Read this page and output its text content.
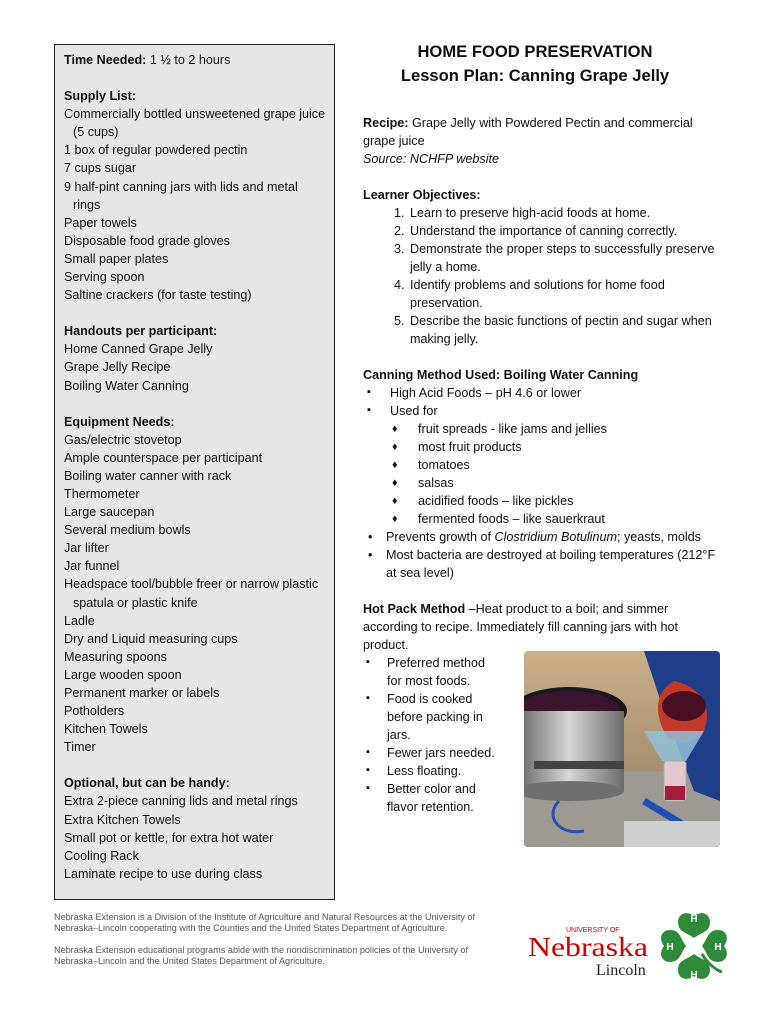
Time Needed: 1 ½ to 2 hours
Supply List:
Commercially bottled unsweetened grape juice (5 cups)
1 box of regular powdered pectin
7 cups sugar
9 half-pint canning jars with lids and metal rings
Paper towels
Disposable food grade gloves
Small paper plates
Serving spoon
Saltine crackers (for taste testing)
Handouts per participant:
Home Canned Grape Jelly
Grape Jelly Recipe
Boiling Water Canning
Equipment Needs:
Gas/electric stovetop
Ample counterspace per participant
Boiling water canner with rack
Thermometer
Large saucepan
Several medium bowls
Jar lifter
Jar funnel
Headspace tool/bubble freer or narrow plastic spatula or plastic knife
Ladle
Dry and Liquid measuring cups
Measuring spoons
Large wooden spoon
Permanent marker or labels
Potholders
Kitchen Towels
Timer
Optional, but can be handy:
Extra 2-piece canning lids and metal rings
Extra Kitchen Towels
Small pot or kettle, for extra hot water
Cooling Rack
Laminate recipe to use during class
HOME FOOD PRESERVATION
Lesson Plan: Canning Grape Jelly
Recipe: Grape Jelly with Powdered Pectin and commercial grape juice
Source: NCHFP website
Learner Objectives:
1. Learn to preserve high-acid foods at home.
2. Understand the importance of canning correctly.
3. Demonstrate the proper steps to successfully preserve jelly a home.
4. Identify problems and solutions for home food preservation.
5. Describe the basic functions of pectin and sugar when making jelly.
Canning Method Used: Boiling Water Canning
▪ High Acid Foods – pH 4.6 or lower
▪ Used for
♦ fruit spreads - like jams and jellies
♦ most fruit products
♦ tomatoes
♦ salsas
♦ acidified foods – like pickles
♦ fermented foods – like sauerkraut
• Prevents growth of Clostridium Botulinum; yeasts, molds
• Most bacteria are destroyed at boiling temperatures (212°F at sea level)
Hot Pack Method –Heat product to a boil; and simmer according to recipe. Immediately fill canning jars with hot product.
▪ Preferred method for most foods.
▪ Food is cooked before packing in jars.
▪ Fewer jars needed.
▪ Less floating.
▪ Better color and flavor retention.

Nebraska Extension is a Division of the Institute of Agriculture and Natural Resources at the University of Nebraska–Lincoln cooperating with the Counties and the United States Department of Agriculture.

Nebraska Extension educational programs abide with the nondiscrimination policies of the University of Nebraska–Lincoln and the United States Department of Agriculture.

UNIVERSITY OF
Nebraska
Lincoln
H
H
H
H
